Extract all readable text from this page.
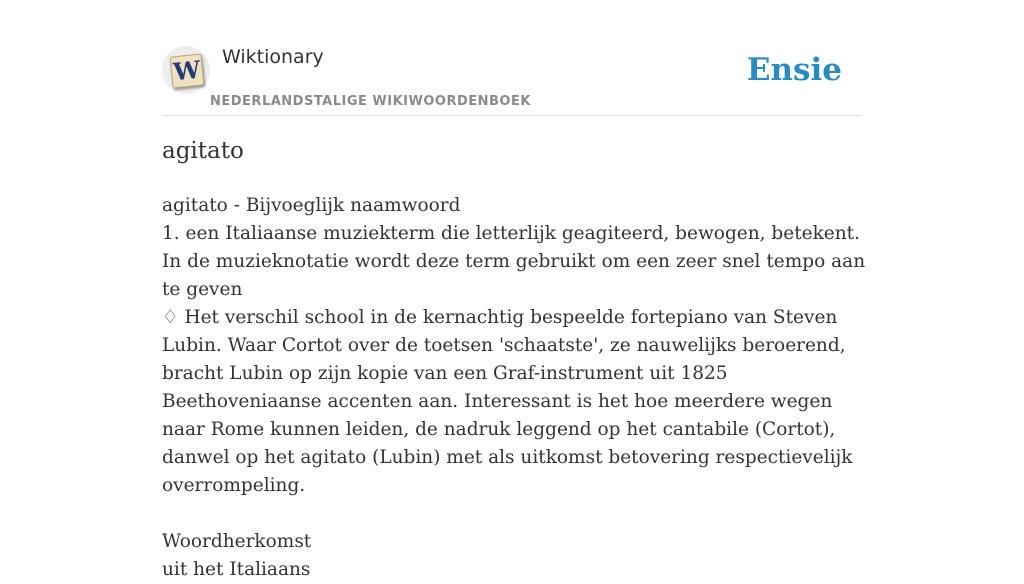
W Wiktionary
NEDERLANDSTALIGE WIKIWOORDENBOEK
Ensie
agitato

agitato - Bijvoeglijk naamwoord

1. een Italiaanse muziekterm die letterlijk geagiteerd, bewogen, betekent. In de muzieknotatie wordt deze term gebruikt om een zeer snel tempo aan te geven

♢ Het verschil school in de kernachtig bespeelde fortepiano van Steven Lubin. Waar Cortot over de toetsen 'schaatste', ze nauwelijks beroerend, bracht Lubin op zijn kopie van een Graf-instrument uit 1825 Beethoveniaanse accenten aan. Interessant is het hoe meerdere wegen naar Rome kunnen leiden, de nadruk leggend op het cantabile (Cortot), danwel op het agitato (Lubin) met als uitkomst betovering respectievelijk overrompeling.

Woordherkomst

uit het Italiaans
